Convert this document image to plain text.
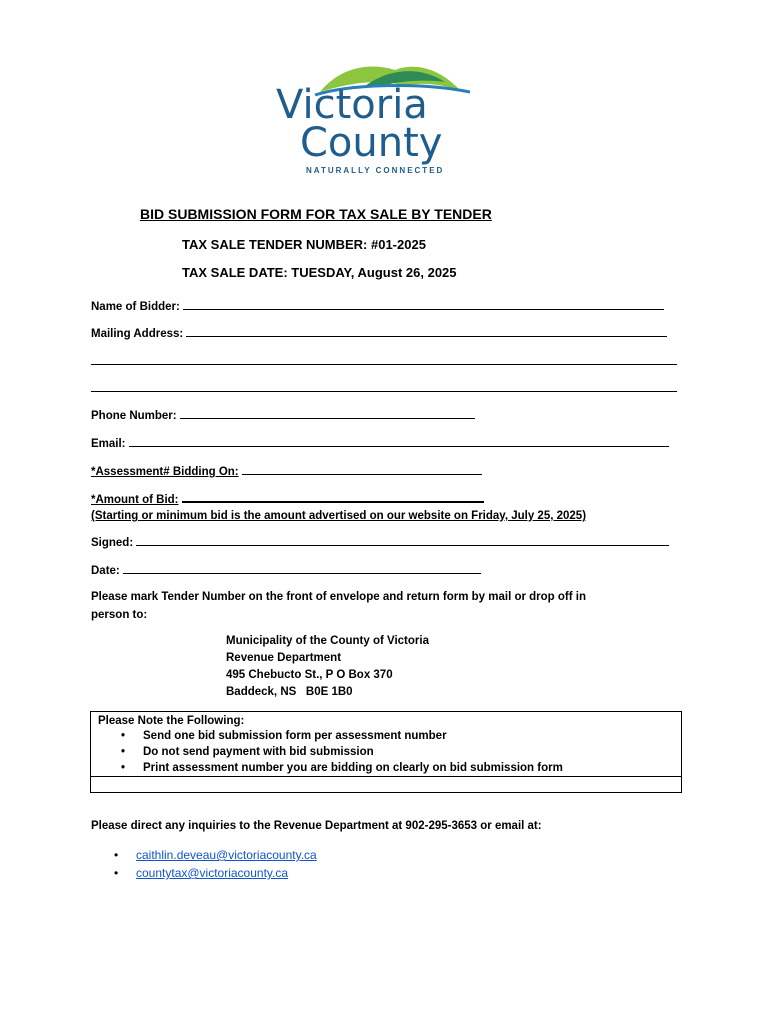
Victoria
County
NATURALLY CONNECTED
BID SUBMISSION FORM FOR TAX SALE BY TENDER
TAX SALE TENDER NUMBER: #01-2025
TAX SALE DATE: TUESDAY, August 26, 2025
Name of Bidder:
Mailing Address:
Phone Number:
Email:
*Assessment# Bidding On:
*Amount of Bid:
(Starting or minimum bid is the amount advertised on our website on Friday, July 25, 2025)
Signed:
Date:
Please mark Tender Number on the front of envelope and return form by mail or drop off in
person to:
Municipality of the County of Victoria
Revenue Department
495 Chebucto St., P O Box 370
Baddeck, NS   B0E 1B0
Please Note the Following:
• Send one bid submission form per assessment number
• Do not send payment with bid submission
• Print assessment number you are bidding on clearly on bid submission form
Please direct any inquiries to the Revenue Department at 902-295-3653 or email at:
• caithlin.deveau@victoriacounty.ca
• countytax@victoriacounty.ca
